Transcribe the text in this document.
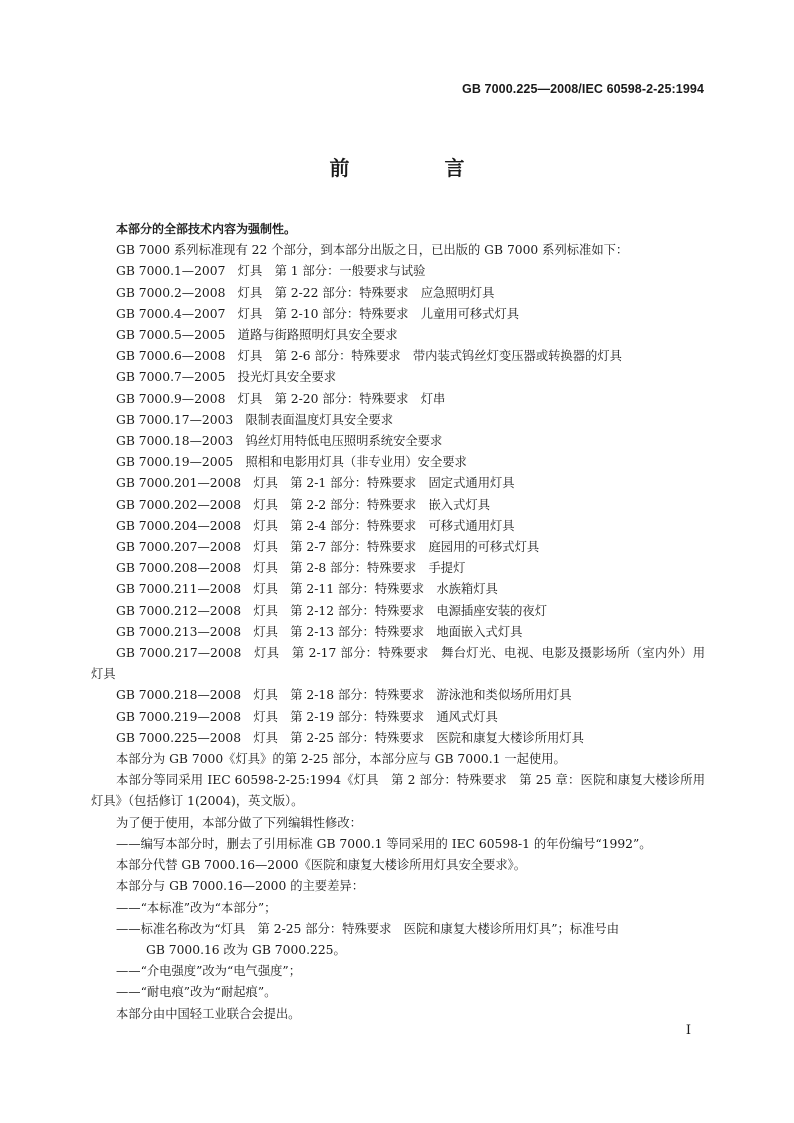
GB 7000.225—2008/IEC 60598-2-25:1994
前 言
本部分的全部技术内容为强制性。
GB 7000 系列标准现有 22 个部分，到本部分出版之日，已出版的 GB 7000 系列标准如下：
GB 7000.1—2007　灯具　第 1 部分：一般要求与试验
GB 7000.2—2008　灯具　第 2-22 部分：特殊要求　应急照明灯具
GB 7000.4—2007　灯具　第 2-10 部分：特殊要求　儿童用可移式灯具
GB 7000.5—2005　道路与街路照明灯具安全要求
GB 7000.6—2008　灯具　第 2-6 部分：特殊要求　带内装式钨丝灯变压器或转换器的灯具
GB 7000.7—2005　投光灯具安全要求
GB 7000.9—2008　灯具　第 2-20 部分：特殊要求　灯串
GB 7000.17—2003　限制表面温度灯具安全要求
GB 7000.18—2003　钨丝灯用特低电压照明系统安全要求
GB 7000.19—2005　照相和电影用灯具（非专业用）安全要求
GB 7000.201—2008　灯具　第 2-1 部分：特殊要求　固定式通用灯具
GB 7000.202—2008　灯具　第 2-2 部分：特殊要求　嵌入式灯具
GB 7000.204—2008　灯具　第 2-4 部分：特殊要求　可移式通用灯具
GB 7000.207—2008　灯具　第 2-7 部分：特殊要求　庭园用的可移式灯具
GB 7000.208—2008　灯具　第 2-8 部分：特殊要求　手提灯
GB 7000.211—2008　灯具　第 2-11 部分：特殊要求　水族箱灯具
GB 7000.212—2008　灯具　第 2-12 部分：特殊要求　电源插座安装的夜灯
GB 7000.213—2008　灯具　第 2-13 部分：特殊要求　地面嵌入式灯具
GB 7000.217—2008　灯具　第 2-17 部分：特殊要求　舞台灯光、电视、电影及摄影场所（室内外）用灯具
GB 7000.218—2008　灯具　第 2-18 部分：特殊要求　游泳池和类似场所用灯具
GB 7000.219—2008　灯具　第 2-19 部分：特殊要求　通风式灯具
GB 7000.225—2008　灯具　第 2-25 部分：特殊要求　医院和康复大楼诊所用灯具
本部分为 GB 7000《灯具》的第 2-25 部分，本部分应与 GB 7000.1 一起使用。
本部分等同采用 IEC 60598-2-25:1994《灯具　第 2 部分：特殊要求　第 25 章：医院和康复大楼诊所用灯具》（包括修订 1(2004)，英文版）。
为了便于使用，本部分做了下列编辑性修改：
——编写本部分时，删去了引用标准 GB 7000.1 等同采用的 IEC 60598-1 的年份编号“1992”。
本部分代替 GB 7000.16—2000《医院和康复大楼诊所用灯具安全要求》。
本部分与 GB 7000.16—2000 的主要差异：
——“本标准”改为“本部分”；
——标准名称改为“灯具　第 2-25 部分：特殊要求　医院和康复大楼诊所用灯具”；标准号由
GB 7000.16 改为 GB 7000.225。
——“介电强度”改为“电气强度”；
——“耐电痕”改为“耐起痕”。
本部分由中国轻工业联合会提出。
I
